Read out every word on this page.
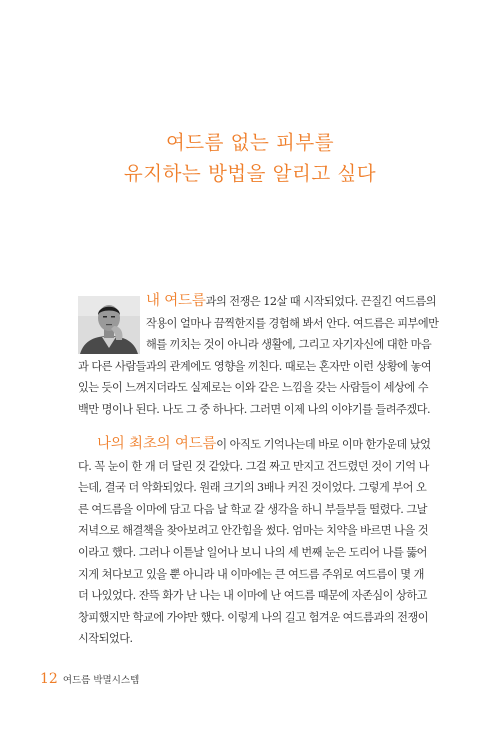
여드름 없는 피부를
유지하는 방법을 알리고 싶다
내 여드름과의 전쟁은 12살 때 시작되었다. 끈질긴 여드름의
작용이 얼마나 끔찍한지를 경험해 봐서 안다. 여드름은 피부에만
해를 끼치는 것이 아니라 생활에, 그리고 자기자신에 대한 마음
과 다른 사람들과의 관계에도 영향을 끼친다. 때로는 혼자만 이런 상황에 놓여
있는 듯이 느껴지더라도 실제로는 이와 같은 느낌을 갖는 사람들이 세상에 수
백만 명이나 된다. 나도 그 중 하나다. 그러면 이제 나의 이야기를 들려주겠다.
나의 최초의 여드름이 아직도 기억나는데 바로 이마 한가운데 났었
다. 꼭 눈이 한 개 더 달린 것 같았다. 그걸 짜고 만지고 건드렸던 것이 기억 나
는데, 결국 더 악화되었다. 원래 크기의 3배나 커진 것이었다. 그렇게 부어 오
른 여드름을 이마에 담고 다음 날 학교 갈 생각을 하니 부들부들 떨렸다. 그날
저녁으로 해결책을 찾아보려고 안간힘을 썼다. 엄마는 치약을 바르면 나을 것
이라고 했다. 그러나 이튿날 일어나 보니 나의 세 번째 눈은 도리어 나를 뚫어
지게 쳐다보고 있을 뿐 아니라 내 이마에는 큰 여드름 주위로 여드름이 몇 개
더 나있었다. 잔뜩 화가 난 나는 내 이마에 난 여드름 때문에 자존심이 상하고
창피했지만 학교에 가야만 했다. 이렇게 나의 길고 험겨운 여드름과의 전쟁이
시작되었다.
12 여드름 박멸시스템
